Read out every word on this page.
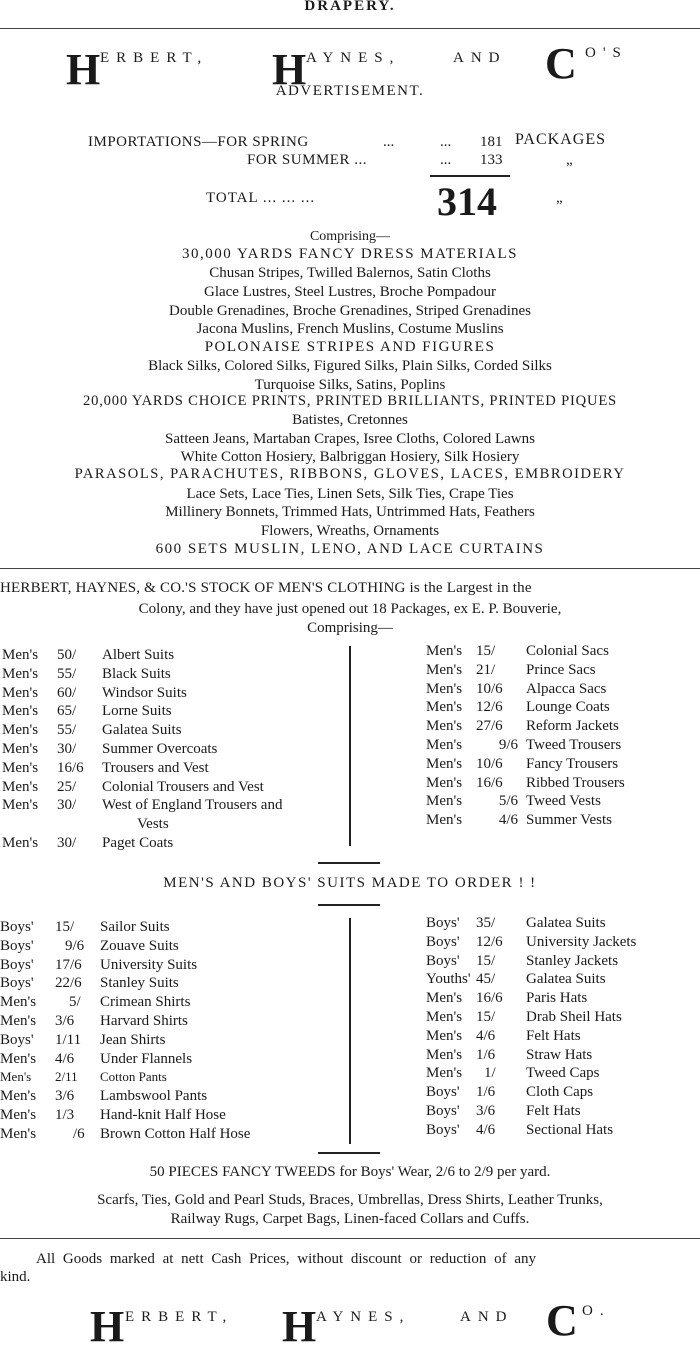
DRAPERY.
H ERBERT, H AYNES,	AND C O'S
ADVERTISEMENT.
IMPORTATIONS—FOR SPRING	...	... 181 PACKAGES
FOR SUMMER ...	... 133	„
TOTAL ... ... ...	314	„
Comprising—
30,000 YARDS FANCY DRESS MATERIALS
Chusan Stripes, Twilled Balernos, Satin Cloths
Glace Lustres, Steel Lustres, Broche Pompadour
Double Grenadines, Broche Grenadines, Striped Grenadines
Jacona Muslins, French Muslins, Costume Muslins
POLONAISE STRIPES AND FIGURES
Black Silks, Colored Silks, Figured Silks, Plain Silks, Corded Silks
Turquoise Silks, Satins, Poplins
20,000 YARDS CHOICE PRINTS, PRINTED BRILLIANTS, PRINTED PIQUES
Batistes, Cretonnes
Satteen Jeans, Martaban Crapes, Isree Cloths, Colored Lawns
White Cotton Hosiery, Balbriggan Hosiery, Silk Hosiery
PARASOLS, PARACHUTES, RIBBONS, GLOVES, LACES, EMBROIDERY
Lace Sets, Lace Ties, Linen Sets, Silk Ties, Crape Ties
Millinery Bonnets, Trimmed Hats, Untrimmed Hats, Feathers
Flowers, Wreaths, Ornaments
600 SETS MUSLIN, LENO, AND LACE CURTAINS
HERBERT, HAYNES, & CO.'S STOCK OF MEN'S CLOTHING is the Largest in the
Colony, and they have just opened out 18 Packages, ex E. P. Bouverie,
Comprising—
Men's	50/	Albert Suits
Men's	55/	Black Suits
Men's	60/	Windsor Suits
Men's	65/	Lorne Suits
Men's	55/	Galatea Suits
Men's	30/	Summer Overcoats
Men's	16/6	Trousers and Vest
Men's	25/	Colonial Trousers and Vest
Men's	30/	West of England Trousers and
Vests
Men's	30/	Paget Coats
Men's 15/	Colonial Sacs
Men's 21/	Prince Sacs
Men's 10/6	Alpacca Sacs
Men's 12/6	Lounge Coats
Men's 27/6	Reform Jackets
Men's	9/6 Tweed Trousers
Men's 10/6	Fancy Trousers
Men's 16/6	Ribbed Trousers
Men's	5/6 Tweed Vests
Men's	4/6 Summer Vests
MEN'S AND BOYS' SUITS MADE TO ORDER ! !
Boys'	15/	Sailor Suits
Boys'	9/6	Zouave Suits
Boys'	17/6	University Suits
Boys'	22/6	Stanley Suits
Men's	5/	Crimean Shirts
Men's	3/6	Harvard Shirts
Boys'	1/11	Jean Shirts
Men's	4/6	Under Flannels
Men's	2/11	Cotton Pants
Men's	3/6	Lambswool Pants
Men's	1/3	Hand-knit Half Hose
Men's	/6	Brown Cotton Half Hose
Boys'	35/	Galatea Suits
Boys'	12/6	University Jackets
Boys'	15/	Stanley Jackets
Youths' 45/	Galatea Suits
Men's 16/6	Paris Hats
Men's 15/	Drab Sheil Hats
Men's 4/6	Felt Hats
Men's 1/6	Straw Hats
Men's	1/	Tweed Caps
Boys'	1/6	Cloth Caps
Boys'	3/6	Felt Hats
Boys'	4/6	Sectional Hats
50 PIECES FANCY TWEEDS for Boys' Wear, 2/6 to 2/9 per yard.
Scarfs, Ties, Gold and Pearl Studs, Braces, Umbrellas, Dress Shirts, Leather Trunks,
Railway Rugs, Carpet Bags, Linen-faced Collars and Cuffs.
All Goods marked at nett Cash Prices, without discount or reduction of any
kind.
H ERBERT, H AYNES,	AND C O.
